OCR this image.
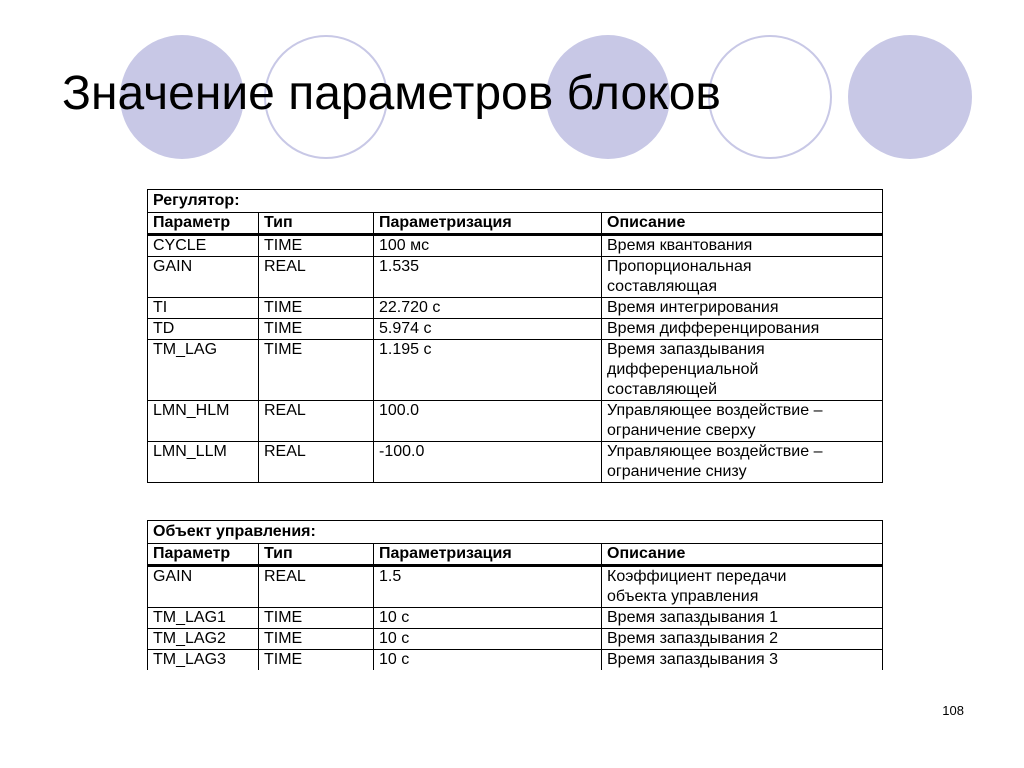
Значение параметров блоков
Регулятор:			
Параметр	Тип	Параметризация	Описание
CYCLE	TIME	100 мс	Время квантования
GAIN	REAL	1.535	Пропорциональная
составляющая
TI	TIME	22.720 с	Время интегрирования
TD	TIME	5.974 с	Время дифференцирования
TM_LAG	TIME	1.195 с	Время запаздывания
дифференциальной
составляющей
LMN_HLM	REAL	100.0	Управляющее воздействие –
ограничение сверху
LMN_LLM	REAL	-100.0	Управляющее воздействие –
ограничение снизу
Объект управления:			
Параметр	Тип	Параметризация	Описание
GAIN	REAL	1.5	Коэффициент передачи
объекта управления
TM_LAG1	TIME	10 с	Время запаздывания 1
TM_LAG2	TIME	10 с	Время запаздывания 2
TM_LAG3	TIME	10 с	Время запаздывания 3
108
